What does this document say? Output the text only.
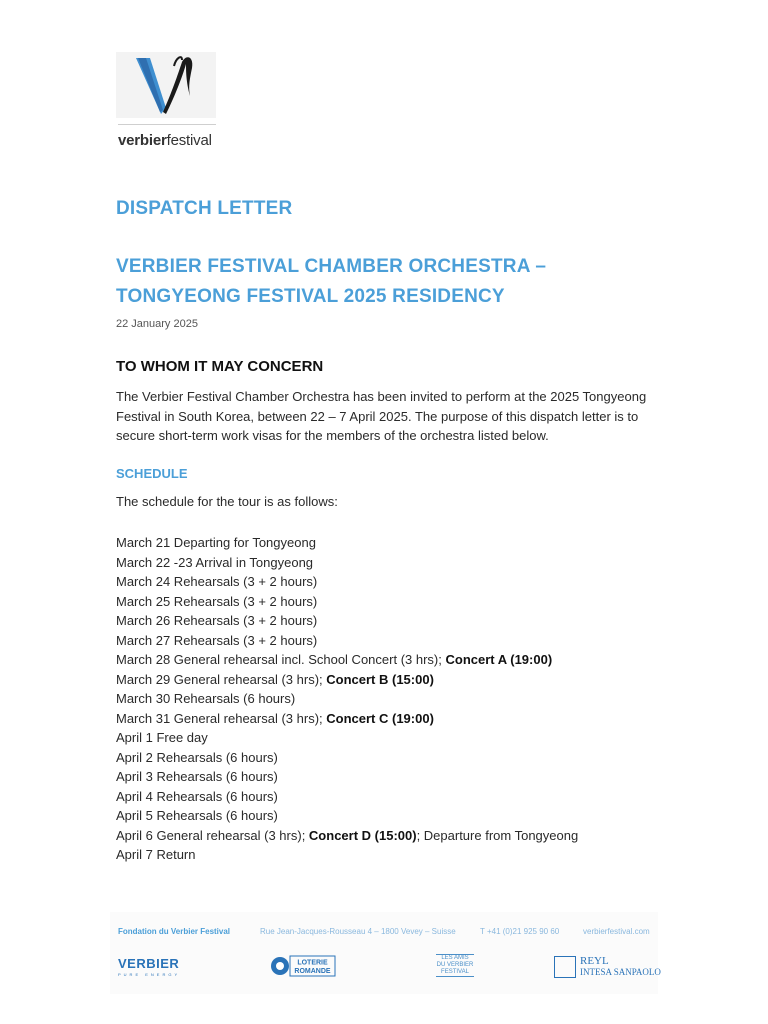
verbierfestival
DISPATCH LETTER
VERBIER FESTIVAL CHAMBER ORCHESTRA –
TONGYEONG FESTIVAL 2025 RESIDENCY
22 January 2025
TO WHOM IT MAY CONCERN

The Verbier Festival Chamber Orchestra has been invited to perform at the 2025 Tongyeong Festival in South Korea, between 22 – 7 April 2025. The purpose of this dispatch letter is to secure short-term work visas for the members of the orchestra listed below.

SCHEDULE
The schedule for the tour is as follows:
March 21 Departing for Tongyeong
March 22 -23 Arrival in Tongyeong
March 24 Rehearsals (3 + 2 hours)
March 25 Rehearsals (3 + 2 hours)
March 26 Rehearsals (3 + 2 hours)
March 27 Rehearsals (3 + 2 hours)
March 28 General rehearsal incl. School Concert (3 hrs); Concert A (19:00)
March 29 General rehearsal (3 hrs); Concert B (15:00)
March 30 Rehearsals (6 hours)
March 31 General rehearsal (3 hrs); Concert C (19:00)
April 1 Free day
April 2 Rehearsals (6 hours)
April 3 Rehearsals (6 hours)
April 4 Rehearsals (6 hours)
April 5 Rehearsals (6 hours)
April 6 General rehearsal (3 hrs); Concert D (15:00); Departure from Tongyeong
April 7 Return
Fondation du Verbier Festival	Rue Jean-Jacques-Rousseau 4 – 1800 Vevey – Suisse	T +41 (0)21 925 90 60	verbierfestival.com
VERBIER
PURE ENERGY
LOTERIE
ROMANDE
LES AMIS
DU VERBIER
FESTIVAL
REYL
INTESA SANPAOLO
